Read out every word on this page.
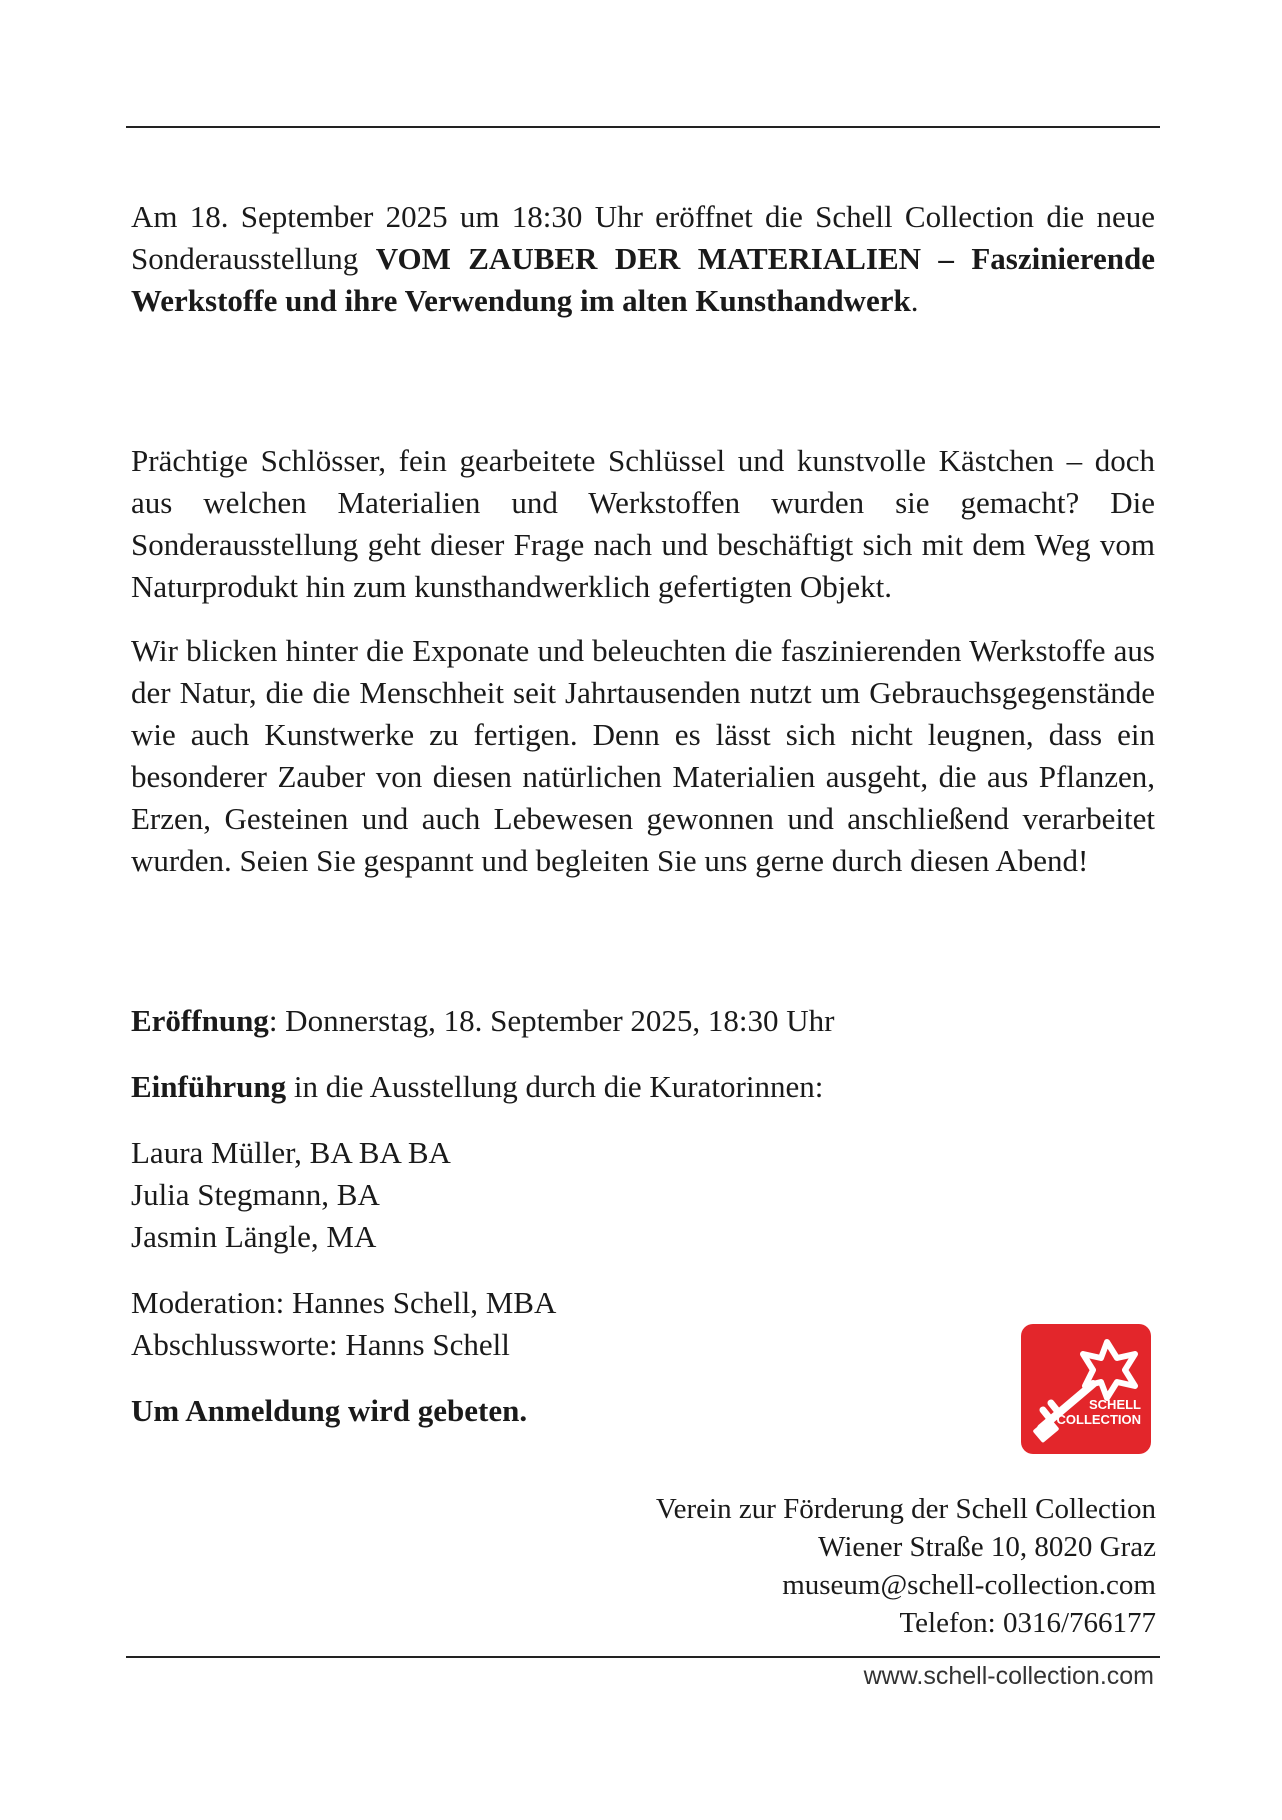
Am 18. September 2025 um 18:30 Uhr eröffnet die Schell Collection die neue Sonderausstellung VOM ZAUBER DER MATERIALIEN – Faszinierende Werkstoffe und ihre Verwendung im alten Kunsthandwerk.

Prächtige Schlösser, fein gearbeitete Schlüssel und kunstvolle Kästchen – doch aus welchen Materialien und Werkstoffen wurden sie gemacht? Die Sonderausstellung geht dieser Frage nach und beschäftigt sich mit dem Weg vom Naturprodukt hin zum kunsthandwerklich gefertigten Objekt.

Wir blicken hinter die Exponate und beleuchten die faszinierenden Werkstoffe aus der Natur, die die Menschheit seit Jahrtausenden nutzt um Gebrauchsgegenstände wie auch Kunstwerke zu fertigen. Denn es lässt sich nicht leugnen, dass ein besonderer Zauber von diesen natürlichen Materialien ausgeht, die aus Pflanzen, Erzen, Gesteinen und auch Lebewesen gewonnen und anschließend verarbeitet wurden. Seien Sie gespannt und begleiten Sie uns gerne durch diesen Abend!

Eröffnung: Donnerstag, 18. September 2025, 18:30 Uhr

Einführung in die Ausstellung durch die Kuratorinnen:

Laura Müller, BA BA BA
Julia Stegmann, BA
Jasmin Längle, MA

Moderation: Hannes Schell, MBA
Abschlussworte: Hanns Schell

Um Anmeldung wird gebeten.	SCHELL
COLLECTION
Verein zur Förderung der Schell Collection
Wiener Straße 10, 8020 Graz
museum@schell-collection.com
Telefon: 0316/766177
www.schell-collection.com
